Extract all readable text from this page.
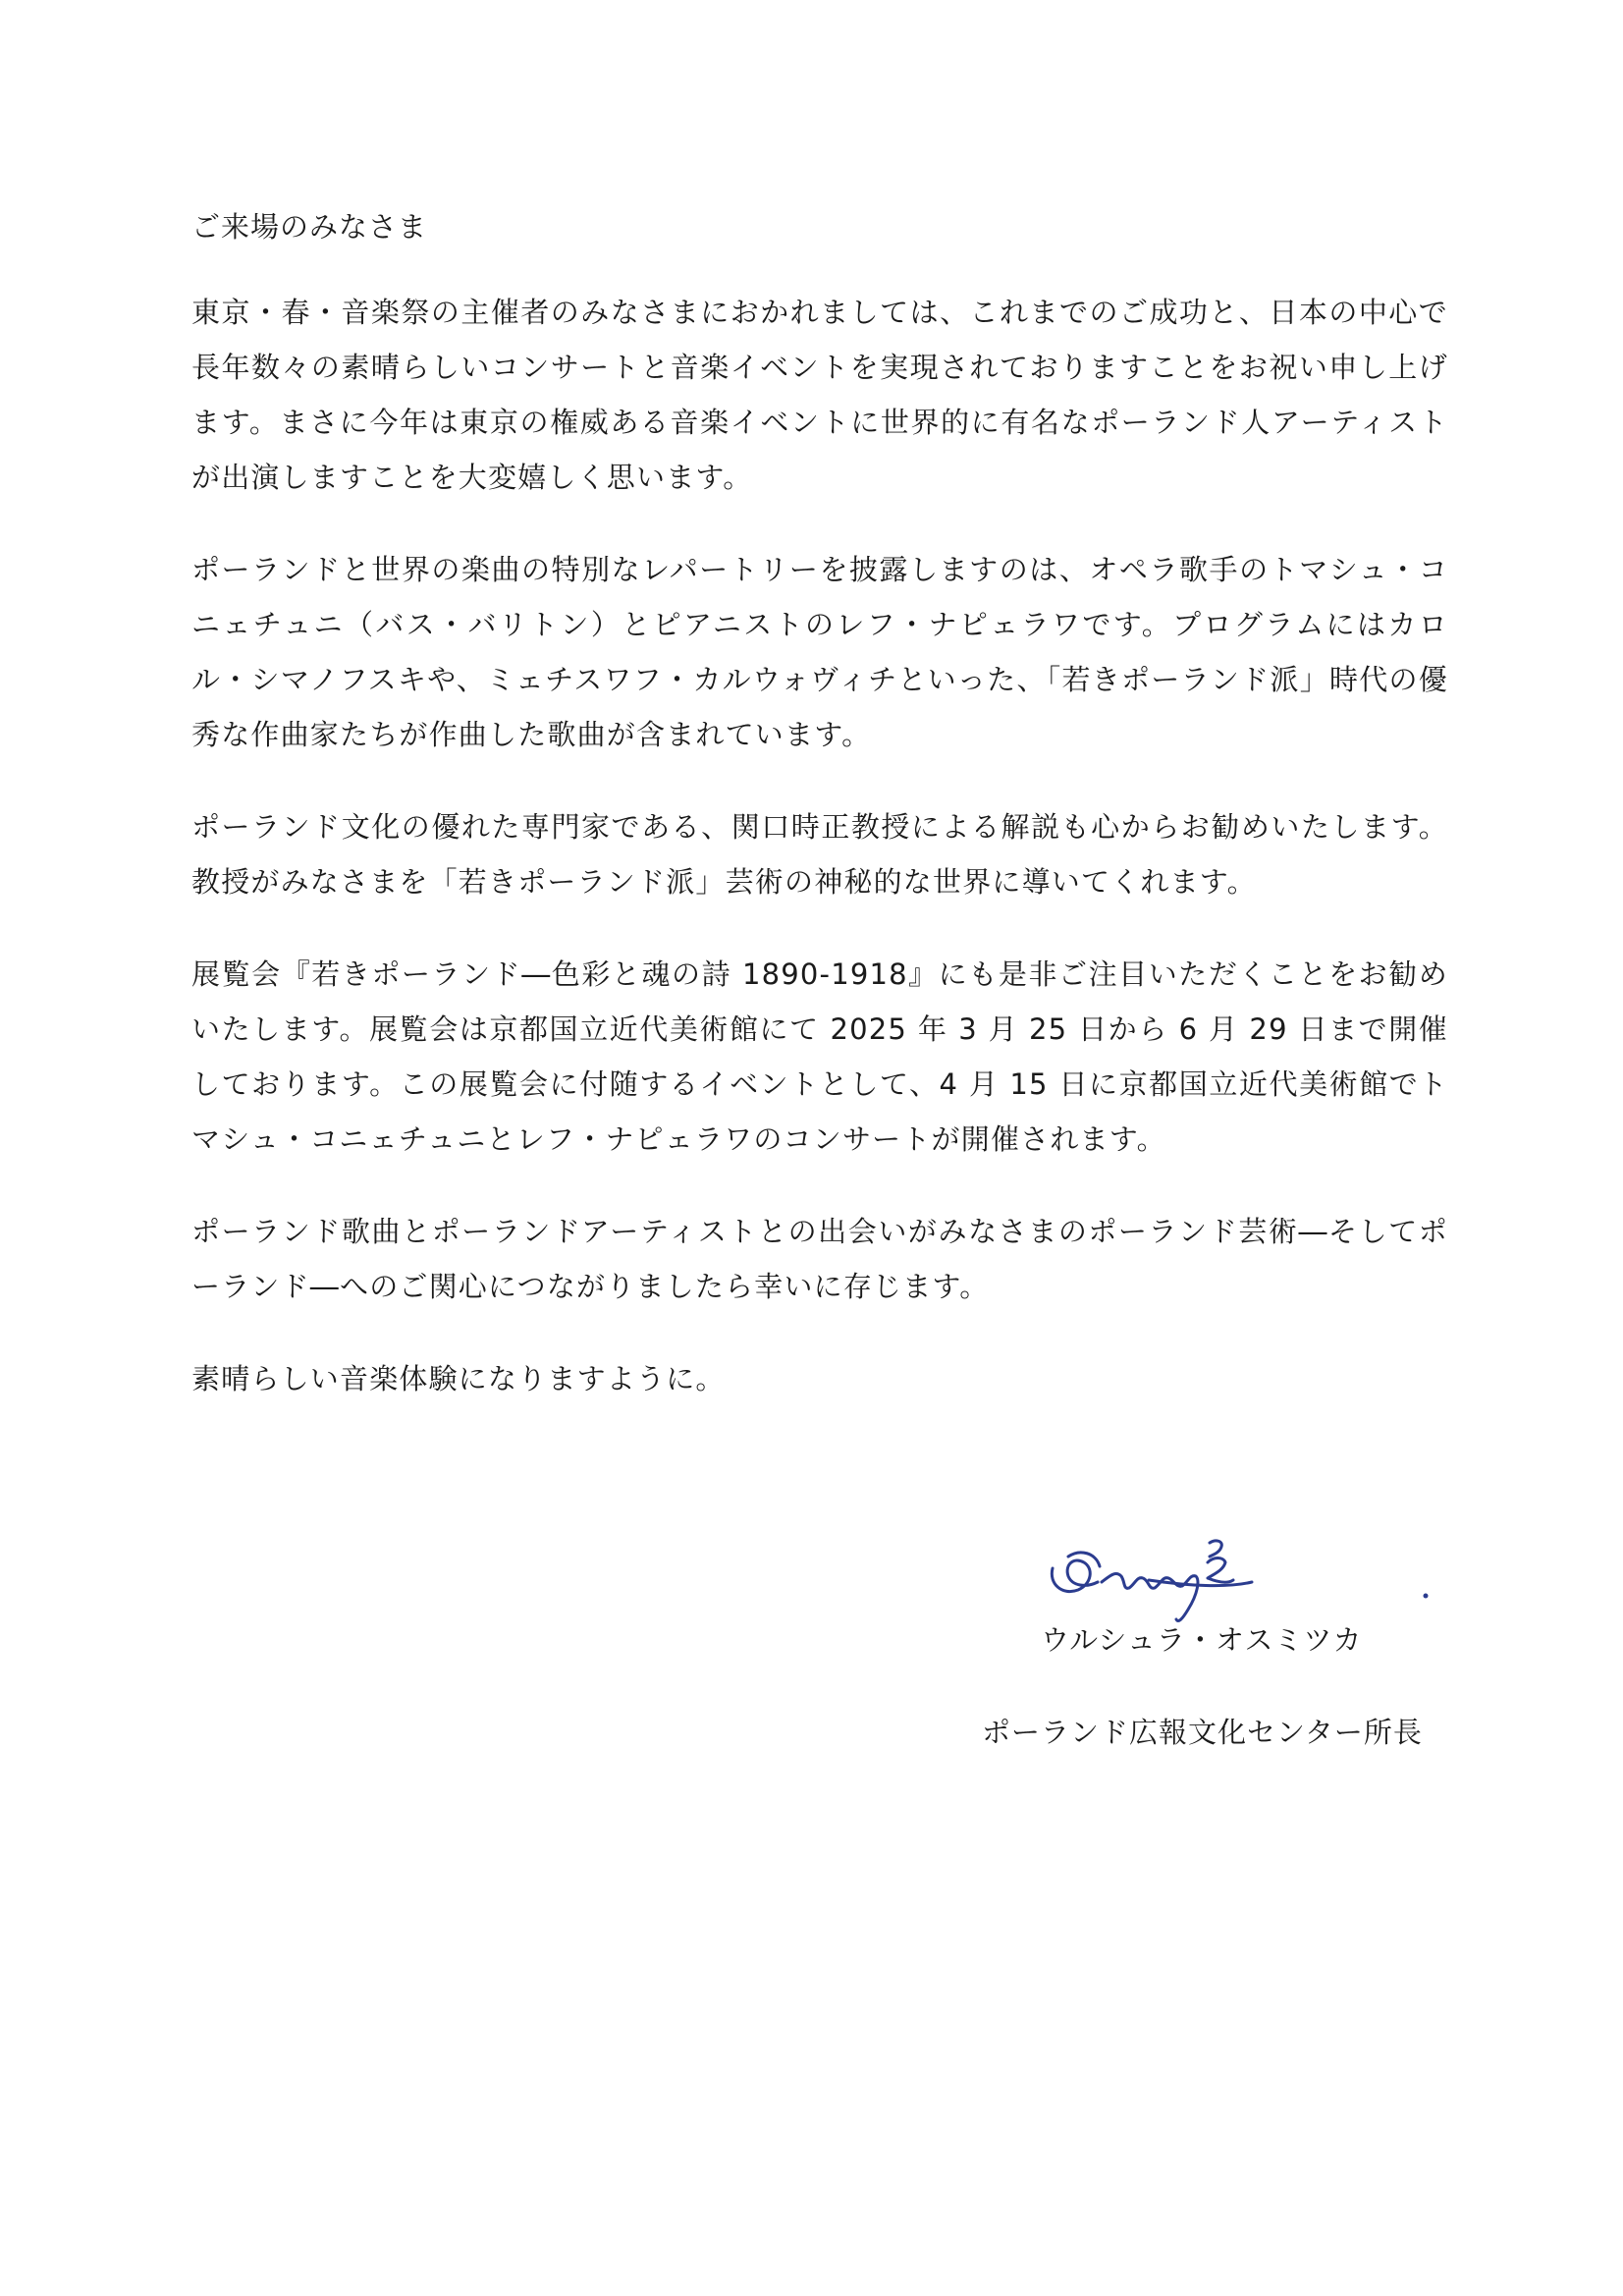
ご来場のみなさま

東京・春・音楽祭の主催者のみなさまにおかれましては、これまでのご成功と、日本の中心で長年数々の素晴らしいコンサートと音楽イベントを実現されておりますことをお祝い申し上げます。まさに今年は東京の権威ある音楽イベントに世界的に有名なポーランド人アーティストが出演しますことを大変嬉しく思います。

ポーランドと世界の楽曲の特別なレパートリーを披露しますのは、オペラ歌手のトマシュ・コニェチュニ（バス・バリトン）とピアニストのレフ・ナピェラワです。プログラムにはカロル・シマノフスキや、ミェチスワフ・カルウォヴィチといった、「若きポーランド派」時代の優秀な作曲家たちが作曲した歌曲が含まれています。

ポーランド文化の優れた専門家である、関口時正教授による解説も心からお勧めいたします。教授がみなさまを「若きポーランド派」芸術の神秘的な世界に導いてくれます。

展覧会『若きポーランド―色彩と魂の詩 1890-1918』にも是非ご注目いただくことをお勧めいたします。展覧会は京都国立近代美術館にて 2025 年 3 月 25 日から 6 月 29 日まで開催しております。この展覧会に付随するイベントとして、4 月 15 日に京都国立近代美術館でトマシュ・コニェチュニとレフ・ナピェラワのコンサートが開催されます。

ポーランド歌曲とポーランドアーティストとの出会いがみなさまのポーランド芸術―そしてポーランド―へのご関心につながりましたら幸いに存じます。

素晴らしい音楽体験になりますように。

ウルシュラ・オスミツカ
ポーランド広報文化センター所長
